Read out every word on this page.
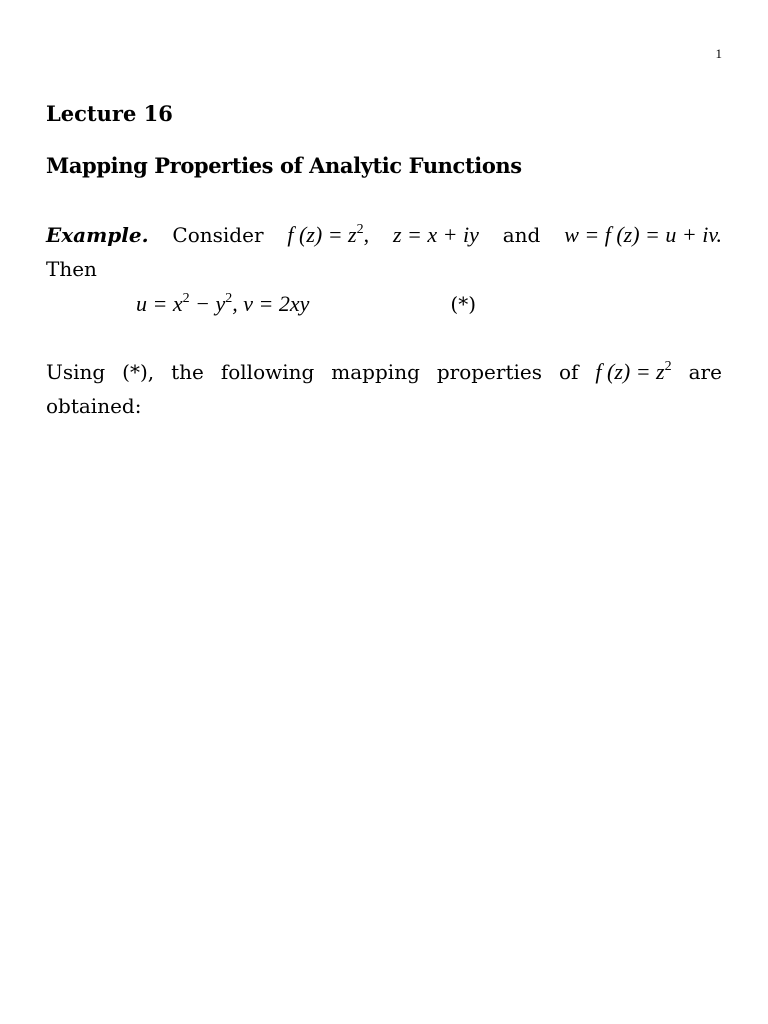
1
Lecture 16
Mapping Properties of Analytic Functions
Example. Consider f $(z) = z^2$, z = x + iy and w = f (z) = u + iv.
Then
$u = x^2 - y^2$, v = 2xy	(*)
Using (*), the following mapping properties of f $(z) = z^2$ are
obtained:
